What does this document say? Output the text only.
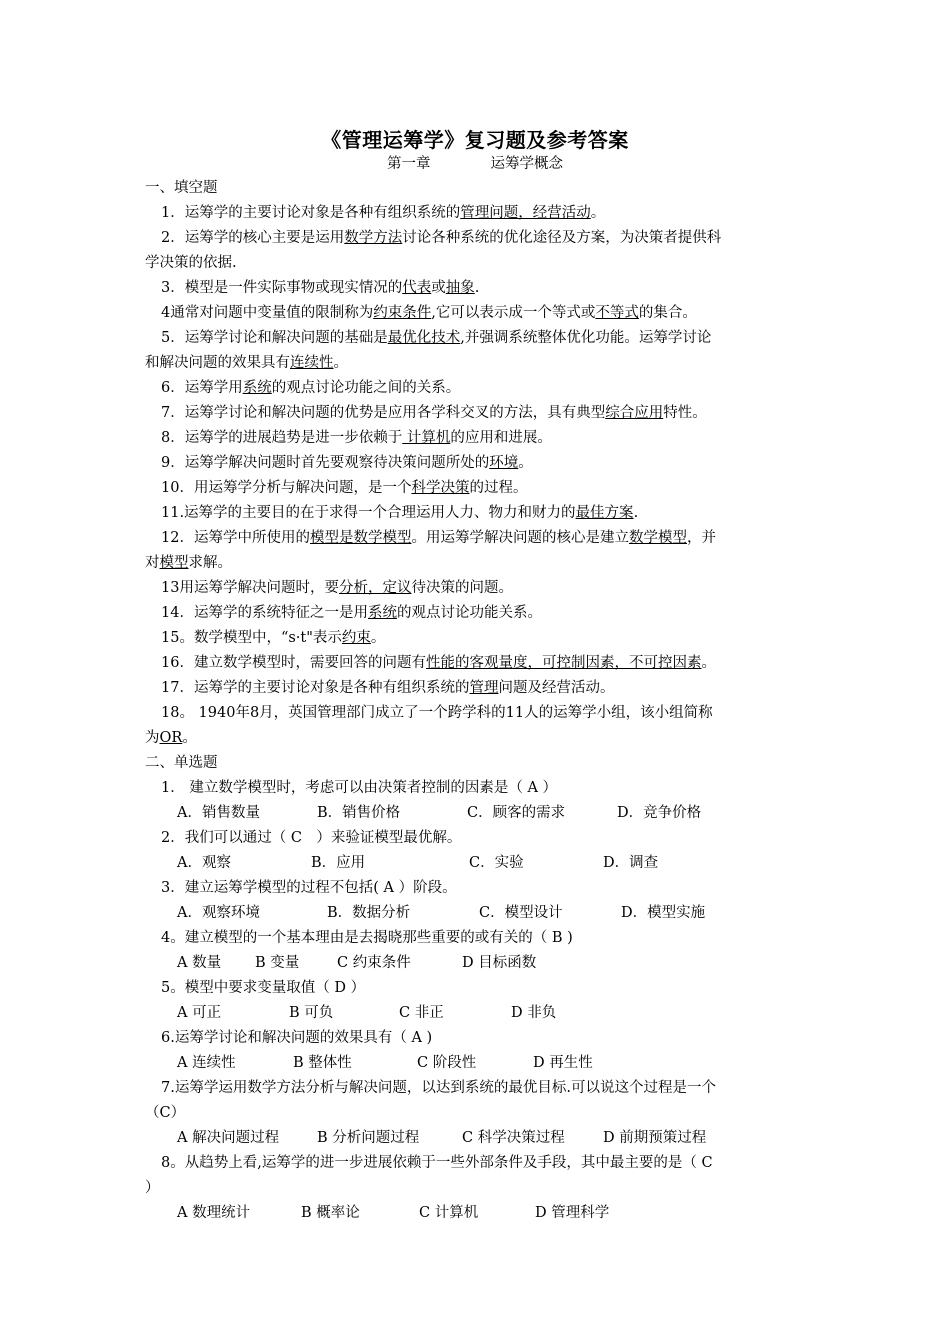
《管理运筹学》复习题及参考答案
第一章	运筹学概念
一、填空题
1．运筹学的主要讨论对象是各种有组织系统的管理问题，经营活动。
2．运筹学的核心主要是运用数学方法讨论各种系统的优化途径及方案，为决策者提供科
学决策的依据.
3．模型是一件实际事物或现实情况的代表或抽象.
4通常对问题中变量值的限制称为约束条件,它可以表示成一个等式或不等式的集合。
5．运筹学讨论和解决问题的基础是最优化技术,并强调系统整体优化功能。运筹学讨论
和解决问题的效果具有连续性。
6．运筹学用系统的观点讨论功能之间的关系。
7．运筹学讨论和解决问题的优势是应用各学科交叉的方法，具有典型综合应用特性。
8．运筹学的进展趋势是进一步依赖于 计算机的应用和进展。
9．运筹学解决问题时首先要观察待决策问题所处的环境。
10．用运筹学分析与解决问题，是一个科学决策的过程。
11.运筹学的主要目的在于求得一个合理运用人力、物力和财力的最佳方案.
12．运筹学中所使用的模型是数学模型。用运筹学解决问题的核心是建立数学模型，并
对模型求解。
13用运筹学解决问题时，要分析，定议待决策的问题。
14．运筹学的系统特征之一是用系统的观点讨论功能关系。
15。数学模型中，“s·t"表示约束。
16．建立数学模型时，需要回答的问题有性能的客观量度，可控制因素，不可控因素。
17．运筹学的主要讨论对象是各种有组织系统的管理问题及经营活动。
18。 1940年8月，英国管理部门成立了一个跨学科的11人的运筹学小组，该小组简称
为OR。
二、单选题
1． 建立数学模型时，考虑可以由决策者控制的因素是（ A ）
A．销售数量	B．销售价格	C．顾客的需求	D．竞争价格
2．我们可以通过（ C　）来验证模型最优解。
A．观察	B．应用	C．实验	D．调查
3．建立运筹学模型的过程不包括( A ）阶段。
A．观察环境	B．数据分析	C．模型设计	D．模型实施
4。建立模型的一个基本理由是去揭晓那些重要的或有关的（ B )
A 数量 B 变量	C 约束条件	D 目标函数
5。模型中要求变量取值（ D ）
A 可正	B 可负	C 非正	D 非负
6.运筹学讨论和解决问题的效果具有（ A )
A 连续性	B 整体性	C 阶段性	D 再生性
7.运筹学运用数学方法分析与解决问题，以达到系统的最优目标.可以说这个过程是一个
（C）
A 解决问题过程	B 分析问题过程	C 科学决策过程	D 前期预策过程
8。从趋势上看,运筹学的进一步进展依赖于一些外部条件及手段，其中最主要的是（ C
）
A 数理统计	B 概率论	C 计算机	D 管理科学
